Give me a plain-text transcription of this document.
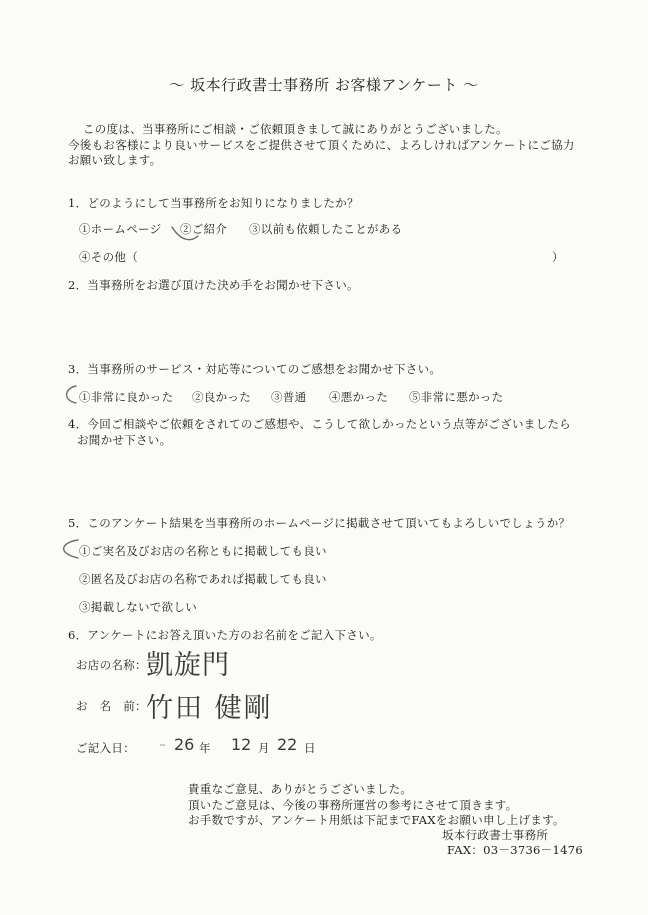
～ 坂本行政書士事務所 お客様アンケート ～
この度は、当事務所にご相談・ご依頼頂きまして誠にありがとうございました。
今後もお客様により良いサービスをご提供させて頂くために、よろしければアンケートにご協力
お願い致します。
1．どのようにして当事務所をお知りになりましたか？
①ホームページ ②ご紹介 ③以前も依頼したことがある
④その他（	）
2．当事務所をお選び頂けた決め手をお聞かせ下さい。
3．当事務所のサービス・対応等についてのご感想をお聞かせ下さい。
①非常に良かった ②良かった ③普通 ④悪かった ⑤非常に悪かった
4．今回ご相談やご依頼をされてのご感想や、こうして欲しかったという点等がございましたら
お聞かせ下さい。
5．このアンケート結果を当事務所のホームページに掲載させて頂いてもよろしいでしょうか？
①ご実名及びお店の名称ともに掲載しても良い
②匿名及びお店の名称であれば掲載しても良い
③掲載しないで欲しい
6．アンケートにお答え頂いた方のお名前をご記入下さい。
お店の名称： 凱旋門
お　名　前： 竹田 健剛
ご記入日： 26 年 12 月 22 日
貴重なご意見、ありがとうございました。
頂いたご意見は、今後の事務所運営の参考にさせて頂きます。
お手数ですが、アンケート用紙は下記までFAXをお願い申し上げます。
坂本行政書士事務所
FAX：03－3736－1476
